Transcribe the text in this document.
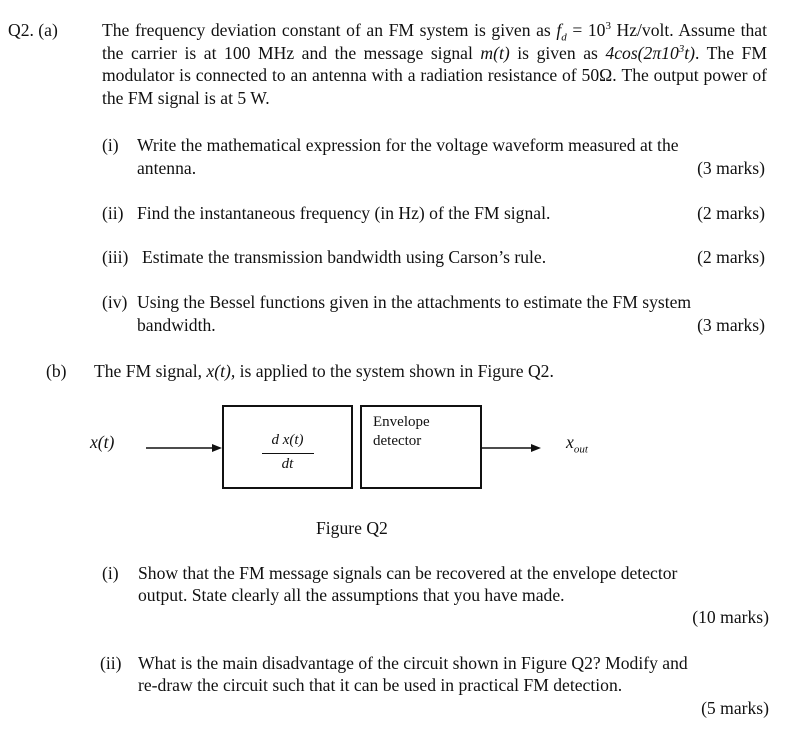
Q2. (a)	The frequency deviation constant of an FM system is given as $f_d = 10^3$ Hz/volt. Assume that the carrier is at 100 MHz and the message signal m(t) is given as $4\cos(2\pi 10^3t)$. The FM modulator is connected to an antenna with a radiation resistance of 50Ω. The output power of the FM signal is at 5 W.
(i) Write the mathematical expression for the voltage waveform measured at the
antenna.	(3 marks)
(ii) Find the instantaneous frequency (in Hz) of the FM signal.	(2 marks)
(iii) Estimate the transmission bandwidth using Carson’s rule.	(2 marks)
(iv) Using the Bessel functions given in the attachments to estimate the FM system
bandwidth.	(3 marks)
(b) The FM signal, x(t), is applied to the system shown in Figure Q2.
x(t)	d x(t)
dt
Envelope
detector	$x_{out}$
Figure Q2
(i) Show that the FM message signals can be recovered at the envelope detector
output. State clearly all the assumptions that you have made.
(10 marks)
(ii) What is the main disadvantage of the circuit shown in Figure Q2? Modify and
re-draw the circuit such that it can be used in practical FM detection.
(5 marks)
